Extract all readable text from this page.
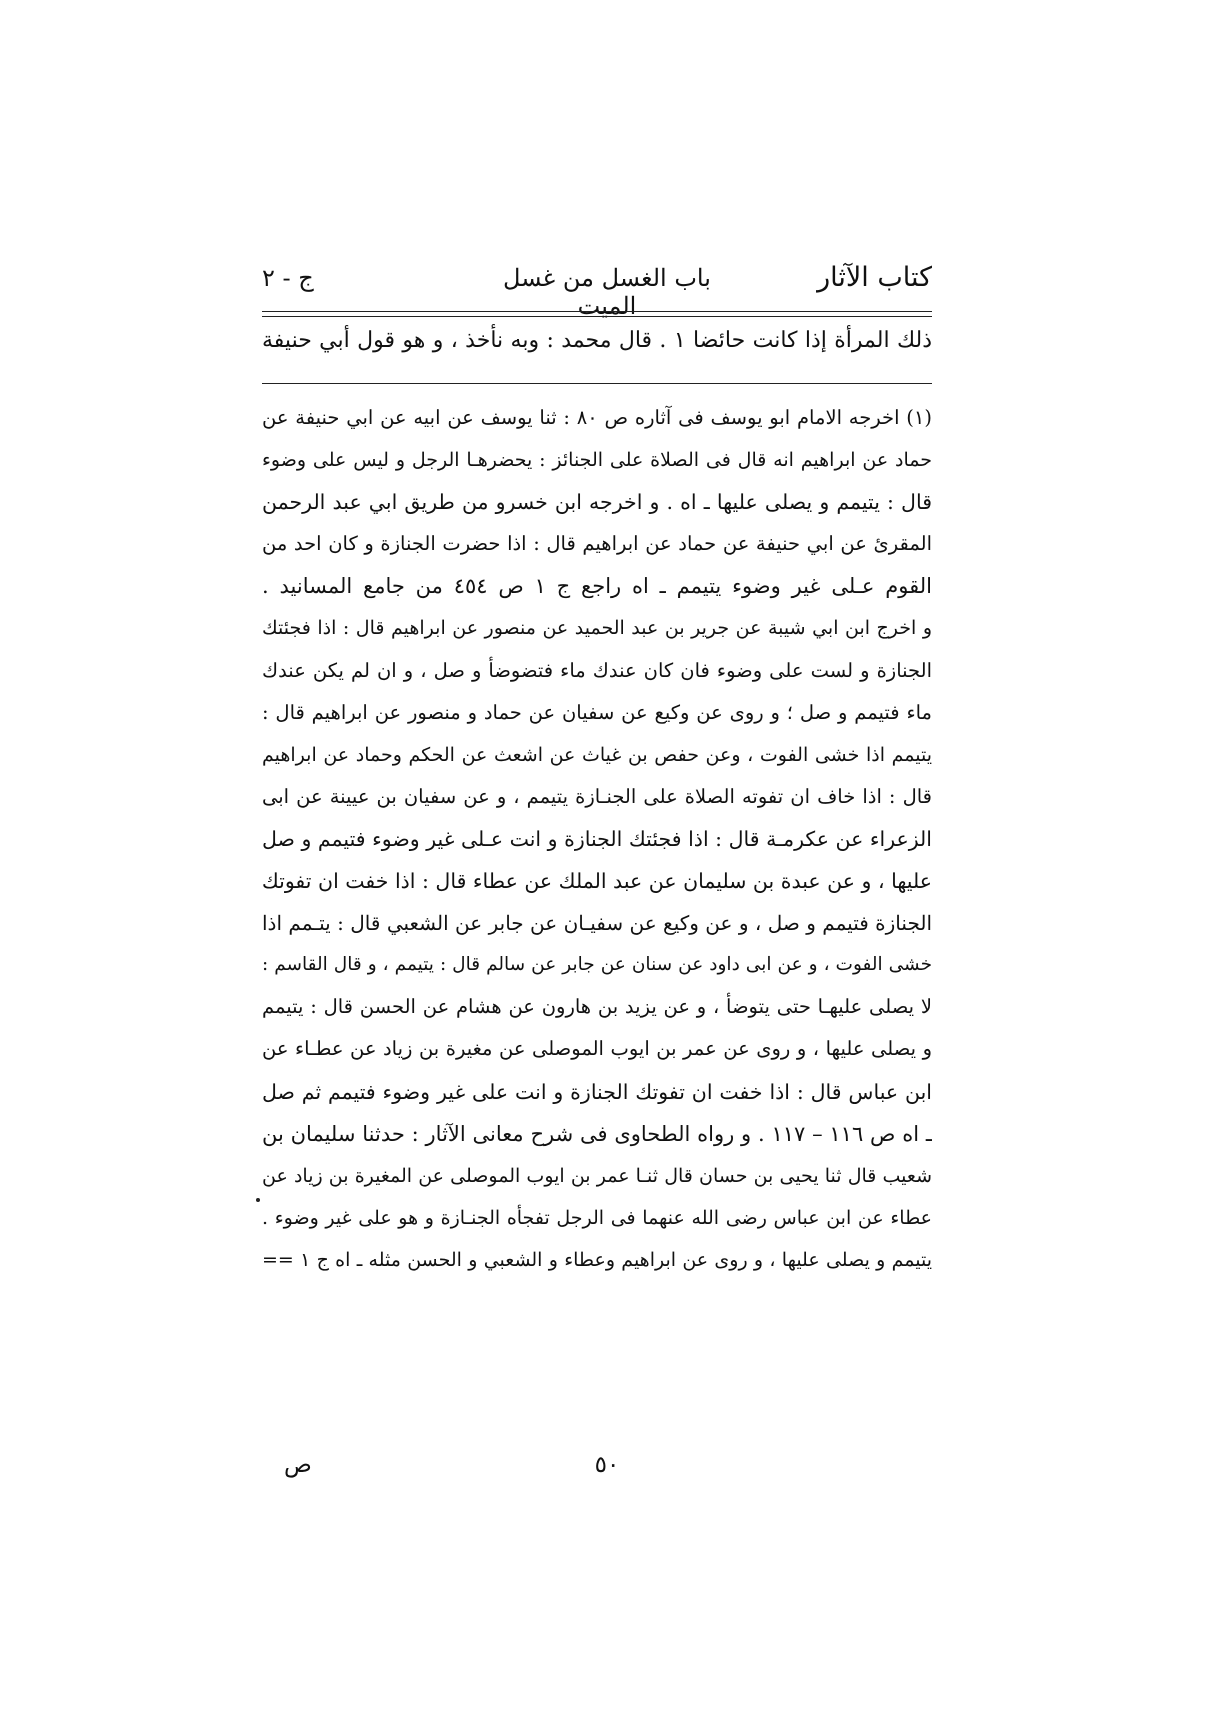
كتاب الآثار
باب الغسل من غسل الميت
ج - ٢
ذلك المرأة إذا كانت حائضا ١ . قال محمد : وبه نأخذ ، و هو قول أبي حنيفة
(١) اخرجه الامام ابو يوسف فى آثاره ص ٨٠ : ثنا يوسف عن ابيه عن ابي حنيفة عن
حماد عن ابراهيم انه قال فى الصلاة على الجنائز : يحضرهـا الرجل و ليس على وضوء
قال : يتيمم و يصلى عليها ـ اه . و اخرجه ابن خسرو من طريق ابي عبد الرحمن
المقرئ عن ابي حنيفة عن حماد عن ابراهيم قال : اذا حضرت الجنازة و كان احد من
القوم عـلى غير وضوء يتيمم ـ اه راجع ج ١ ص ٤٥٤ من جامع المسانيد .
و اخرج ابن ابي شيبة عن جرير بن عبد الحميد عن منصور عن ابراهيم قال : اذا فجئتك
الجنازة و لست على وضوء فان كان عندك ماء فتضوضأ و صل ، و ان لم يكن عندك
ماء فتيمم و صل ؛ و روى عن وكيع عن سفيان عن حماد و منصور عن ابراهيم قال :
يتيمم اذا خشى الفوت ، وعن حفص بن غياث عن اشعث عن الحكم وحماد عن ابراهيم
قال : اذا خاف ان تفوته الصلاة على الجنـازة يتيمم ، و عن سفيان بن عيينة عن ابى
الزعراء عن عكرمـة قال : اذا فجئتك الجنازة و انت عـلى غير وضوء فتيمم و صل
عليها ، و عن عبدة بن سليمان عن عبد الملك عن عطاء قال : اذا خفت ان تفوتك
الجنازة فتيمم و صل ، و عن وكيع عن سفيـان عن جابر عن الشعبي قال : يتـمم اذا
خشى الفوت ، و عن ابى داود عن سنان عن جابر عن سالم قال : يتيمم ، و قال القاسم :
لا يصلى عليهـا حتى يتوضأ ، و عن يزيد بن هارون عن هشام عن الحسن قال : يتيمم
و يصلى عليها ، و روى عن عمر بن ايوب الموصلى عن مغيرة بن زياد عن عطـاء عن
ابن عباس قال : اذا خفت ان تفوتك الجنازة و انت على غير وضوء فتيمم ثم صل
ـ اه ص ١١٦ – ١١٧ . و رواه الطحاوى فى شرح معانى الآثار : حدثنا سليمان بن
شعيب قال ثنا يحيى بن حسان قال ثنـا عمر بن ايوب الموصلى عن المغيرة بن زياد عن
عطاء عن ابن عباس رضى الله عنهما فى الرجل تفجأه الجنـازة و هو على غير وضوء .
يتيمم و يصلى عليها ، و روى عن ابراهيم وعطاء و الشعبي و الحسن مثله ـ اه ج ١ ==
ص	٥٠
